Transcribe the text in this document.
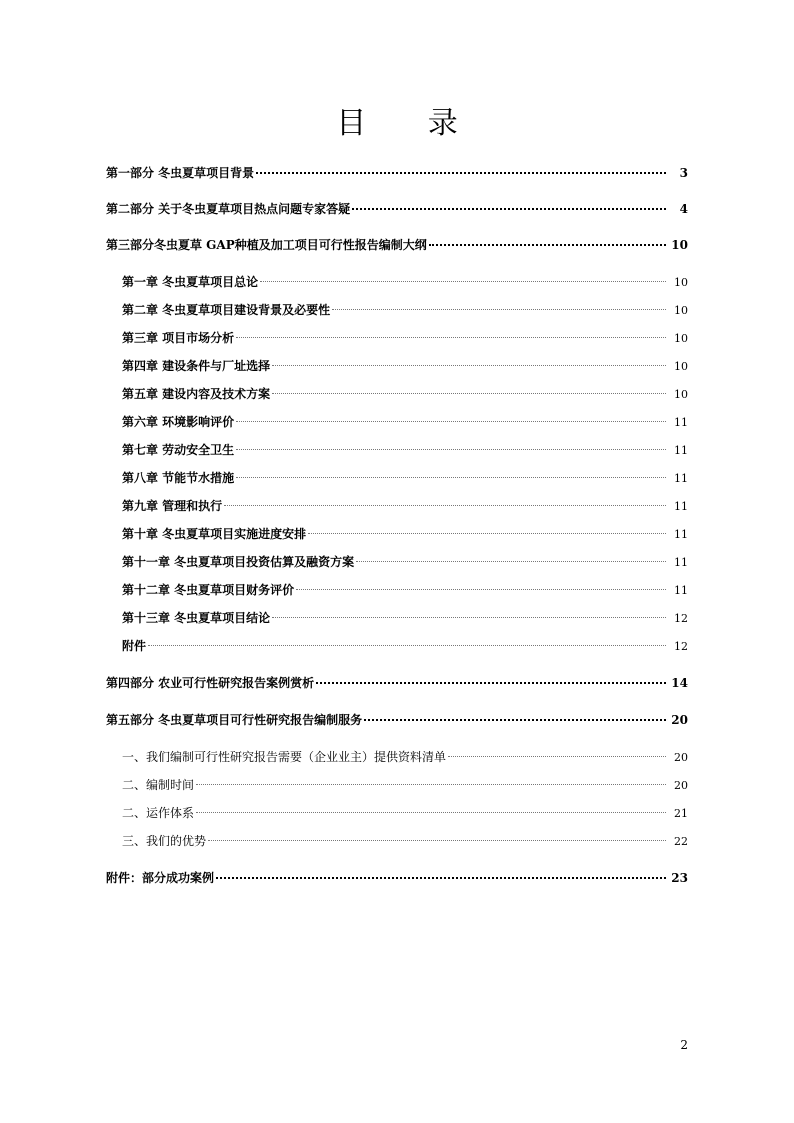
目 录
第一部分 冬虫夏草项目背景	3
第二部分 关于冬虫夏草项目热点问题专家答疑	4
第三部分冬虫夏草 GAP种植及加工项目可行性报告编制大纲	10
第一章 冬虫夏草项目总论	10
第二章 冬虫夏草项目建设背景及必要性	10
第三章 项目市场分析	10
第四章 建设条件与厂址选择	10
第五章 建设内容及技术方案	10
第六章 环境影响评价	11
第七章 劳动安全卫生	11
第八章 节能节水措施	11
第九章 管理和执行	11
第十章 冬虫夏草项目实施进度安排	11
第十一章 冬虫夏草项目投资估算及融资方案	11
第十二章 冬虫夏草项目财务评价	11
第十三章 冬虫夏草项目结论	12
附件	12
第四部分 农业可行性研究报告案例赏析	14
第五部分 冬虫夏草项目可行性研究报告编制服务	20
一、我们编制可行性研究报告需要（企业业主）提供资料清单	20
二、编制时间	20
二、运作体系	21
三、我们的优势	22
附件：部分成功案例	23
2
